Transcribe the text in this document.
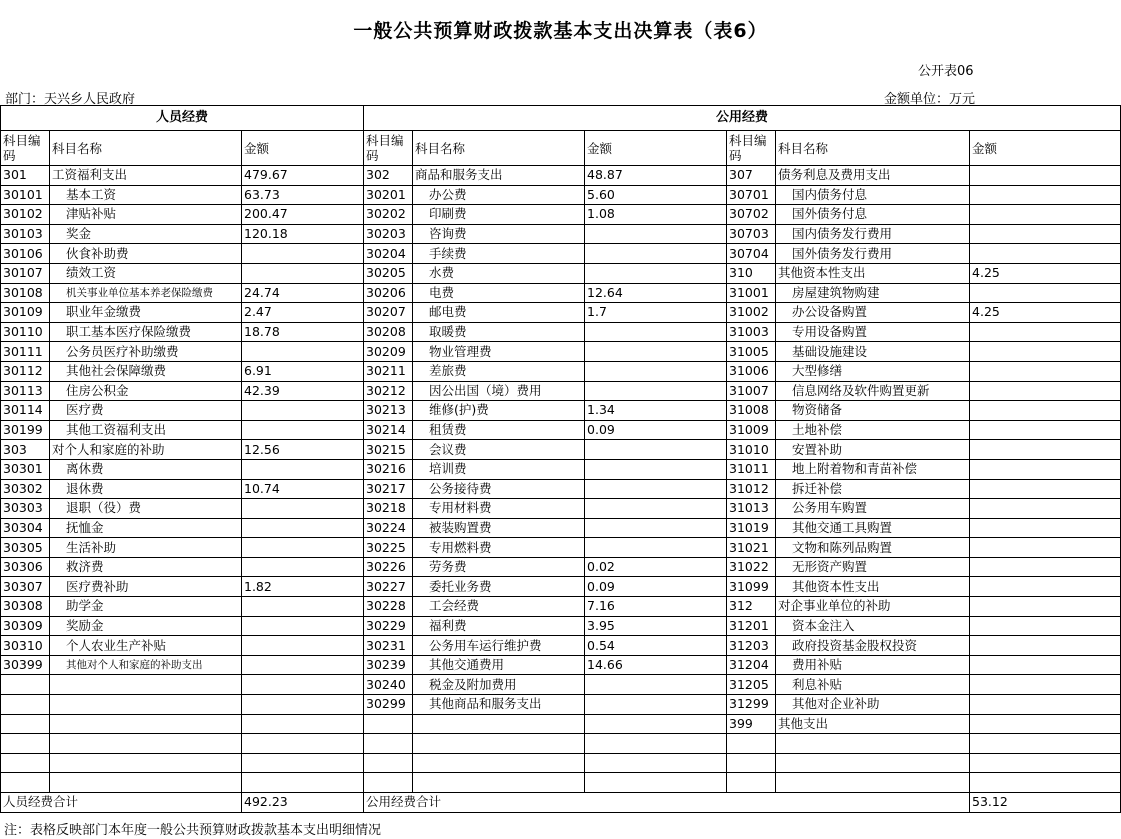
一般公共预算财政拨款基本支出决算表（表6）
公开表06
部门：天兴乡人民政府	金额单位：万元
人员经费			公用经费					
科目编码	科目名称	金额	科目编码	科目名称	金额	科目编码	科目名称	金额
301	工资福利支出	479.67	302	商品和服务支出	48.87	307	债务利息及费用支出	
30101	基本工资	63.73	30201	办公费	5.60	30701	国内债务付息	
30102	津贴补贴	200.47	30202	印刷费	1.08	30702	国外债务付息	
30103	奖金	120.18	30203	咨询费		30703	国内债务发行费用	
30106	伙食补助费		30204	手续费		30704	国外债务发行费用	
30107	绩效工资		30205	水费		310	其他资本性支出	4.25
30108	机关事业单位基本养老保险缴费	24.74	30206	电费	12.64	31001	房屋建筑物购建	
30109	职业年金缴费	2.47	30207	邮电费	1.7	31002	办公设备购置	4.25
30110	职工基本医疗保险缴费	18.78	30208	取暖费		31003	专用设备购置	
30111	公务员医疗补助缴费		30209	物业管理费		31005	基础设施建设	
30112	其他社会保障缴费	6.91	30211	差旅费		31006	大型修缮	
30113	住房公积金	42.39	30212	因公出国（境）费用		31007	信息网络及软件购置更新	
30114	医疗费		30213	维修(护)费	1.34	31008	物资储备	
30199	其他工资福利支出		30214	租赁费	0.09	31009	土地补偿	
303	对个人和家庭的补助	12.56	30215	会议费		31010	安置补助	
30301	离休费		30216	培训费		31011	地上附着物和青苗补偿	
30302	退休费	10.74	30217	公务接待费		31012	拆迁补偿	
30303	退职（役）费		30218	专用材料费		31013	公务用车购置	
30304	抚恤金		30224	被装购置费		31019	其他交通工具购置	
30305	生活补助		30225	专用燃料费		31021	文物和陈列品购置	
30306	救济费		30226	劳务费	0.02	31022	无形资产购置	
30307	医疗费补助	1.82	30227	委托业务费	0.09	31099	其他资本性支出	
30308	助学金		30228	工会经费	7.16	312	对企事业单位的补助	
30309	奖励金		30229	福利费	3.95	31201	资本金注入	
30310	个人农业生产补贴		30231	公务用车运行维护费	0.54	31203	政府投资基金股权投资	
30399	其他对个人和家庭的补助支出		30239	其他交通费用	14.66	31204	费用补贴	
			30240	税金及附加费用		31205	利息补贴	
			30299	其他商品和服务支出		31299	其他对企业补助	
						399	其他支出	

人员经费合计		492.23	公用经费合计					53.12
注：表格反映部门本年度一般公共预算财政拨款基本支出明细情况
